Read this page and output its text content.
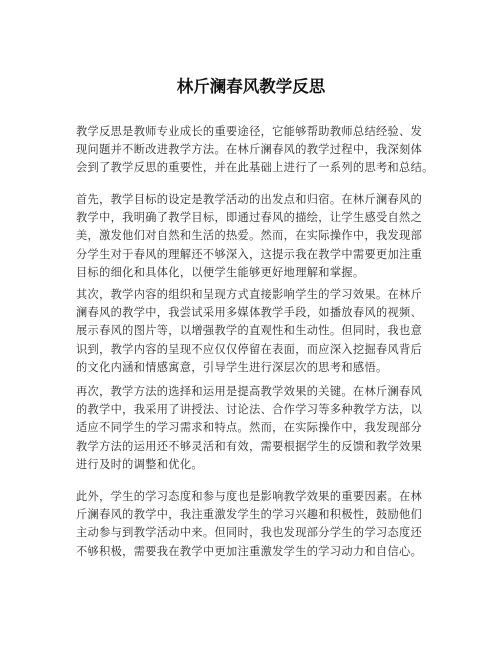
林斤澜春风教学反思

教学反思是教师专业成长的重要途径，它能够帮助教师总结经验、发
现问题并不断改进教学方法。在林斤澜春风的教学过程中，我深刻体
会到了教学反思的重要性，并在此基础上进行了一系列的思考和总结。

首先，教学目标的设定是教学活动的出发点和归宿。在林斤澜春风的
教学中，我明确了教学目标，即通过春风的描绘，让学生感受自然之
美，激发他们对自然和生活的热爱。然而，在实际操作中，我发现部
分学生对于春风的理解还不够深入，这提示我在教学中需要更加注重
目标的细化和具体化，以便学生能够更好地理解和掌握。

其次，教学内容的组织和呈现方式直接影响学生的学习效果。在林斤
澜春风的教学中，我尝试采用多媒体教学手段，如播放春风的视频、
展示春风的图片等，以增强教学的直观性和生动性。但同时，我也意
识到，教学内容的呈现不应仅仅停留在表面，而应深入挖掘春风背后
的文化内涵和情感寓意，引导学生进行深层次的思考和感悟。

再次，教学方法的选择和运用是提高教学效果的关键。在林斤澜春风
的教学中，我采用了讲授法、讨论法、合作学习等多种教学方法，以
适应不同学生的学习需求和特点。然而，在实际操作中，我发现部分
教学方法的运用还不够灵活和有效，需要根据学生的反馈和教学效果
进行及时的调整和优化。

此外，学生的学习态度和参与度也是影响教学效果的重要因素。在林
斤澜春风的教学中，我注重激发学生的学习兴趣和积极性，鼓励他们
主动参与到教学活动中来。但同时，我也发现部分学生的学习态度还
不够积极，需要我在教学中更加注重激发学生的学习动力和自信心。
